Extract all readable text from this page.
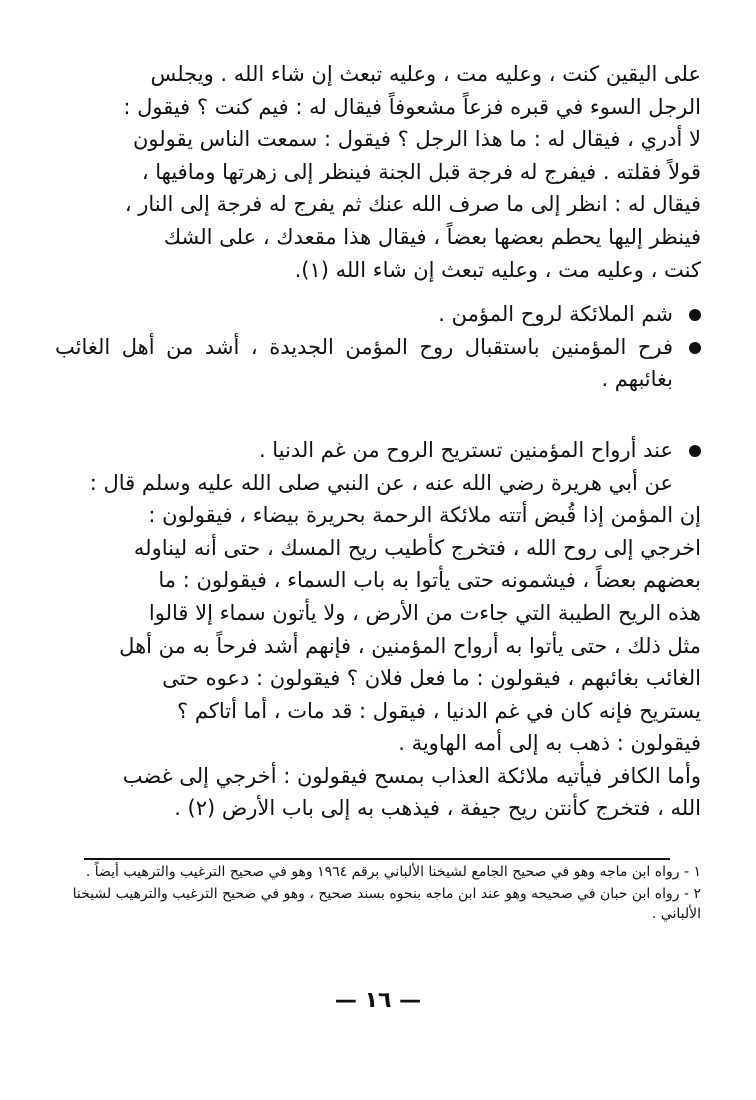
على اليقين كنت ، وعليه مت ، وعليه تبعث إن شاء الله . ويجلس

الرجل السوء في قبره فزعاً مشعوفاً فيقال له : فيم كنت ؟ فيقول :

لا أدري ، فيقال له : ما هذا الرجل ؟ فيقول : سمعت الناس يقولون

قولاً فقلته . فيفرج له فرجة قبل الجنة فينظر إلى زهرتها ومافيها ،

فيقال له : انظر إلى ما صرف الله عنك ثم يفرج له فرجة إلى النار ،

فينظر إليها يحطم بعضها بعضاً ، فيقال هذا مقعدك ، على الشك

كنت ، وعليه مت ، وعليه تبعث إن شاء الله (١).

شم الملائكة لروح المؤمن .
فرح المؤمنين باستقبال روح المؤمن الجديدة ، أشد من أهل الغائب بغائبهم .
عند أرواح المؤمنين تستريح الروح من غم الدنيا .

عن أبي هريرة رضي الله عنه ، عن النبي صلى الله عليه وسلم قال :

إن المؤمن إذا قُبض أتته ملائكة الرحمة بحريرة بيضاء ، فيقولون :

اخرجي إلى روح الله ، فتخرج كأطيب ريح المسك ، حتى أنه ليناوله

بعضهم بعضاً ، فيشمونه حتى يأتوا به باب السماء ، فيقولون : ما

هذه الريح الطيبة التي جاءت من الأرض ، ولا يأتون سماء إلا قالوا

مثل ذلك ، حتى يأتوا به أرواح المؤمنين ، فإنهم أشد فرحاً به من أهل

الغائب بغائبهم ، فيقولون : ما فعل فلان ؟ فيقولون : دعوه حتى

يستريح فإنه كان في غم الدنيا ، فيقول : قد مات ، أما أتاكم ؟

فيقولون : ذهب به إلى أمه الهاوية .

وأما الكافر فيأتيه ملائكة العذاب بمسح فيقولون : أخرجي إلى غضب

الله ، فتخرج كأنتن ريح جيفة ، فيذهب به إلى باب الأرض (٢) .

١ - رواه ابن ماجه وهو في صحيح الجامع لشيخنا الألباني برقم ١٩٦٤ وهو في صحيح الترغيب والترهيب أيضاً .

٢ - رواه ابن حبان في صحيحه وهو عند ابن ماجه بنحوه بسند صحيح ، وهو في صحيح الترغيب والترهيب لشيخنا الألباني .

— ١٦ —
